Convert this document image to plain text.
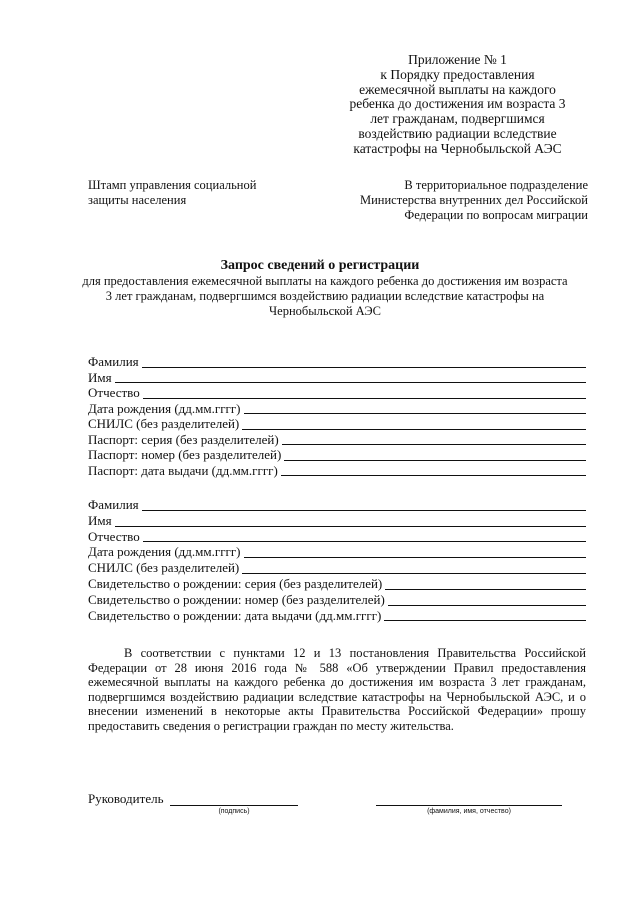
Приложение № 1
к Порядку предоставления
ежемесячной выплаты на каждого
ребенка до достижения им возраста 3
лет гражданам, подвергшимся
воздействию радиации вследствие
катастрофы на Чернобыльской АЭС
Штамп управления социальной
защиты населения
В территориальное подразделение
Министерства внутренних дел Российской
Федерации по вопросам миграции
Запрос сведений о регистрации
для предоставления ежемесячной выплаты на каждого ребенка до достижения им возраста
3 лет гражданам, подвергшимся воздействию радиации вследствие катастрофы на
Чернобыльской АЭС
Фамилия
Имя
Отчество
Дата рождения (дд.мм.гггг)
СНИЛС (без разделителей)
Паспорт: серия (без разделителей)
Паспорт: номер (без разделителей)
Паспорт: дата выдачи (дд.мм.гггг)
Фамилия
Имя
Отчество
Дата рождения (дд.мм.гггг)
СНИЛС (без разделителей)
Свидетельство о рождении: серия (без разделителей)
Свидетельство о рождении: номер (без разделителей)
Свидетельство о рождении: дата выдачи (дд.мм.гггг)

В соответствии с пунктами 12 и 13 постановления Правительства Российской Федерации от 28 июня 2016 года № 588 «Об утверждении Правил предоставления ежемесячной выплаты на каждого ребенка до достижения им возраста 3 лет гражданам, подвергшимся воздействию радиации вследствие катастрофы на Чернобыльской АЭС, и о внесении изменений в некоторые акты Правительства Российской Федерации» прошу предоставить сведения о регистрации граждан по месту жительства.

Руководитель
(подпись)	(фамилия, имя, отчество)
